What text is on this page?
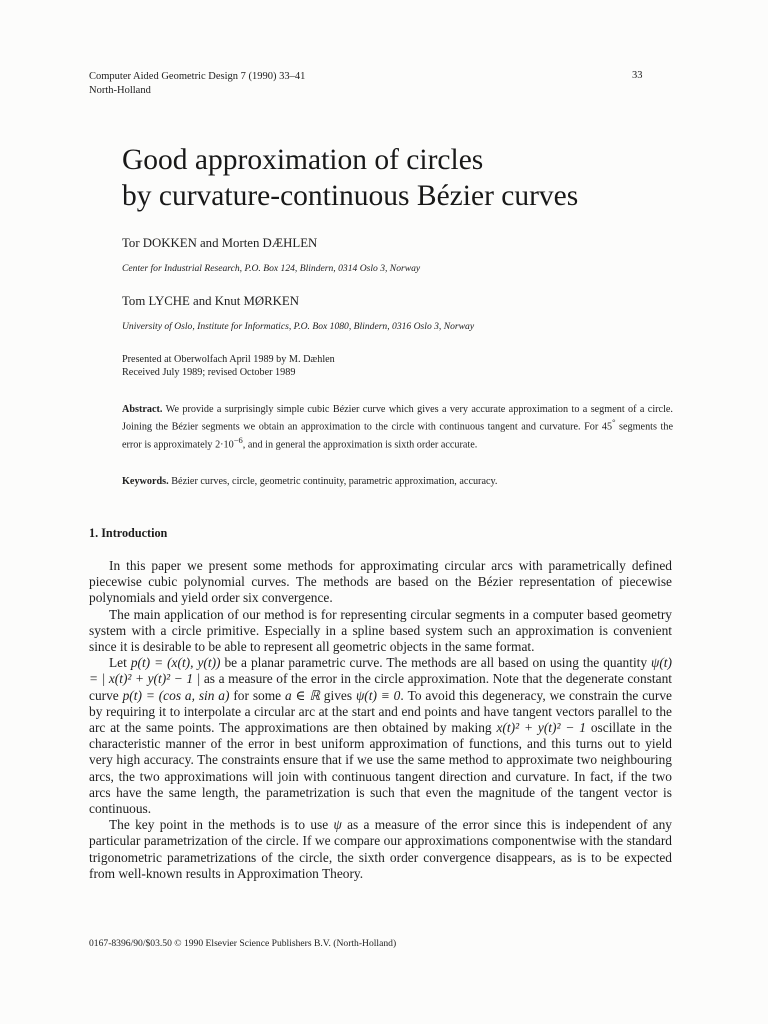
Computer Aided Geometric Design 7 (1990) 33–41
North-Holland
33
Good approximation of circles
by curvature-continuous Bézier curves
Tor DOKKEN and Morten DÆHLEN
Center for Industrial Research, P.O. Box 124, Blindern, 0314 Oslo 3, Norway
Tom LYCHE and Knut MØRKEN
University of Oslo, Institute for Informatics, P.O. Box 1080, Blindern, 0316 Oslo 3, Norway
Presented at Oberwolfach April 1989 by M. Dæhlen
Received July 1989; revised October 1989
Abstract. We provide a surprisingly simple cubic Bézier curve which gives a very accurate approximation to a segment of a circle. Joining the Bézier segments we obtain an approximation to the circle with continuous tangent and curvature. For 45° segments the error is approximately $2\cdot 10^{-6}$, and in general the approximation is sixth order accurate.
Keywords. Bézier curves, circle, geometric continuity, parametric approximation, accuracy.
1. Introduction

In this paper we present some methods for approximating circular arcs with parametrically defined piecewise cubic polynomial curves. The methods are based on the Bézier representation of piecewise polynomials and yield order six convergence.

The main application of our method is for representing circular segments in a computer based geometry system with a circle primitive. Especially in a spline based system such an approximation is convenient since it is desirable to be able to represent all geometric objects in the same format.

Let p(t) = (x(t), y(t)) be a planar parametric curve. The methods are all based on using the quantity ψ(t) = | x(t)² + y(t)² − 1 | as a measure of the error in the circle approximation. Note that the degenerate constant curve p(t) = (cos a, sin a) for some a ∈ ℝ gives ψ(t) ≡ 0. To avoid this degeneracy, we constrain the curve by requiring it to interpolate a circular arc at the start and end points and have tangent vectors parallel to the arc at the same points. The approximations are then obtained by making x(t)² + y(t)² − 1 oscillate in the characteristic manner of the error in best uniform approximation of functions, and this turns out to yield very high accuracy. The constraints ensure that if we use the same method to approximate two neighbouring arcs, the two approximations will join with continuous tangent direction and curvature. In fact, if the two arcs have the same length, the parametrization is such that even the magnitude of the tangent vector is continuous.

The key point in the methods is to use ψ as a measure of the error since this is independent of any particular parametrization of the circle. If we compare our approximations componentwise with the standard trigonometric parametrizations of the circle, the sixth order convergence disappears, as is to be expected from well-known results in Approximation Theory.

0167-8396/90/$03.50 © 1990 Elsevier Science Publishers B.V. (North-Holland)
